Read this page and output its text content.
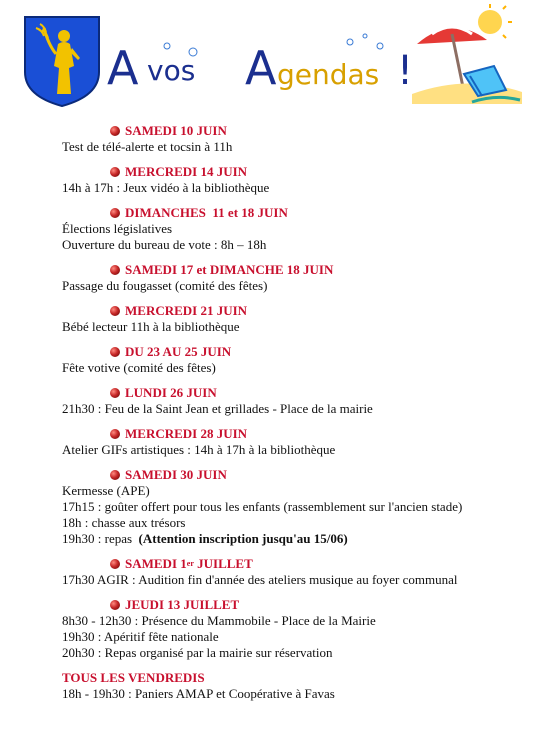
A vos A gendas !
SAMEDI 10 JUIN
Test de télé-alerte et tocsin à 11h
MERCREDI 14 JUIN
14h à 17h : Jeux vidéo à la bibliothèque
DIMANCHES  11 et 18 JUIN
Élections législatives
Ouverture du bureau de vote : 8h – 18h
SAMEDI 17 et DIMANCHE 18 JUIN
Passage du fougasset (comité des fêtes)
MERCREDI 21 JUIN
Bébé lecteur 11h à la bibliothèque
DU 23 AU 25 JUIN
Fête votive (comité des fêtes)
LUNDI 26 JUIN
21h30 : Feu de la Saint Jean et grillades - Place de la mairie
MERCREDI 28 JUIN
Atelier GIFs artistiques : 14h à 17h à la bibliothèque
SAMEDI 30 JUIN
Kermesse (APE)
17h15 : goûter offert pour tous les enfants (rassemblement sur l'ancien stade)
18h : chasse aux trésors
19h30 : repas (Attention inscription jusqu'au 15/06)
SAMEDI 1 er JUILLET
17h30 AGIR : Audition fin d'année des ateliers musique au foyer communal
JEUDI 13 JUILLET
8h30 - 12h30 : Présence du Mammobile - Place de la Mairie
19h30 : Apéritif fête nationale
20h30 : Repas organisé par la mairie sur réservation
TOUS LES VENDREDIS
18h - 19h30 : Paniers AMAP et Coopérative à Favas
